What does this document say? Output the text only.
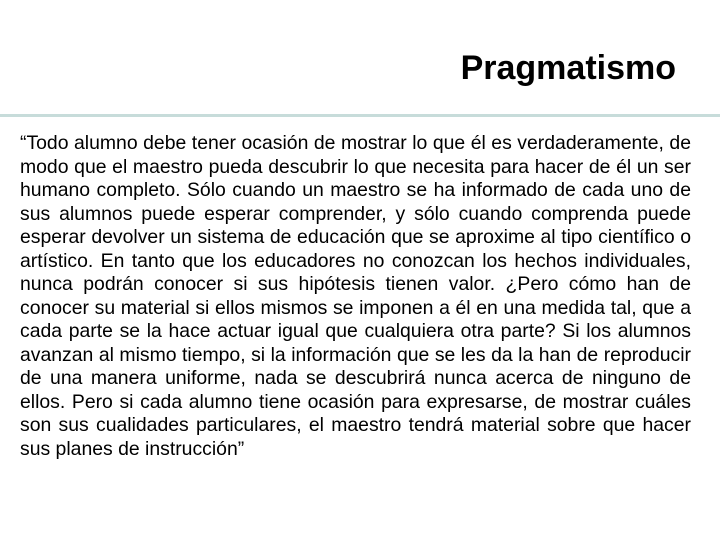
Pragmatismo

“Todo alumno debe tener ocasión de mostrar lo que él es verdaderamente, de modo que el maestro pueda descubrir lo que necesita para hacer de él un ser humano completo. Sólo cuando un maestro se ha informado de cada uno de sus alumnos puede esperar comprender, y sólo cuando comprenda puede esperar devolver un sistema de educación que se aproxime al tipo científico o artístico. En tanto que los educadores no conozcan los hechos individuales, nunca podrán conocer si sus hipótesis tienen valor. ¿Pero cómo han de conocer su material si ellos mismos se imponen a él en una medida tal, que a cada parte se la hace actuar igual que cualquiera otra parte? Si los alumnos avanzan al mismo tiempo, si la información que se les da la han de reproducir de una manera uniforme, nada se descubrirá nunca acerca de ninguno de ellos. Pero si cada alumno tiene ocasión para expresarse, de mostrar cuáles son sus cualidades particulares, el maestro tendrá material sobre que hacer sus planes de instrucción”
